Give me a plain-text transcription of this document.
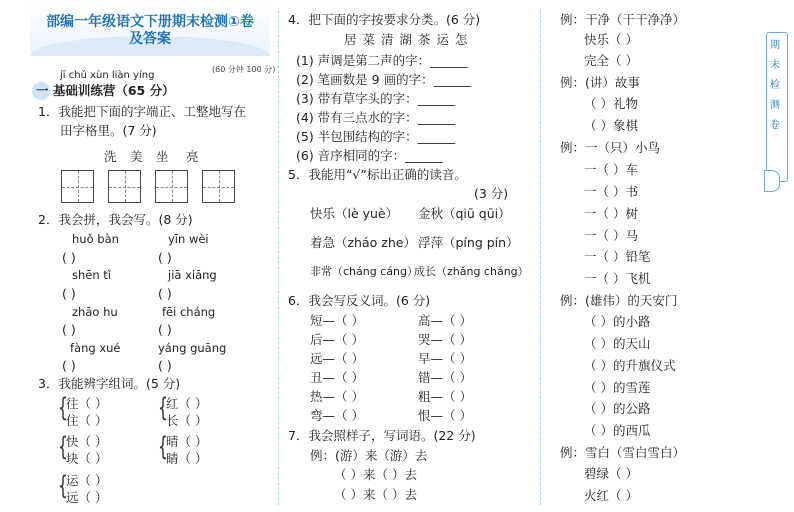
部编一年级语文下册期末检测①卷
及答案
(60 分钟 100 分)
jī chǔ xùn liàn yíng
一 基础训练营（65 分）
1．我能把下面的字端正、工整地写在
田字格里。(7 分)
洗 美 坐 亮
2．我会拼，我会写。(8 分)
huǒ bàn	yīn wèi
( )	( )
shēn tǐ	jiā xiāng
( )	( )
zhāo hu	fēi cháng
( )	( )
fàng xué	yáng guāng
( )	( )
3．我能辨字组词。(5 分)
{	{
往（ ）
住（ ）
红（ ）
长（ ）
{	{
快（ ）
块（ ）
晴（ ）
睛（ ）
{
运（ ）
远（ ）
4．把下面的字按要求分类。(6 分)
居 菜 清 湖 茶 运 怎
(1) 声调是第二声的字：______
(2) 笔画数是 9 画的字：______
(3) 带有草字头的字：______
(4) 带有三点水的字：______
(5) 半包围结构的字：______
(6) 音序相同的字：______
5．我能用“√”标出正确的读音。
(3 分)
快乐（lè yuè） 金秋（qiū qūi）
着急（zháo zhe） 浮萍（píng pín）
非常（cháng cáng）
成长（zhǎng cháng）
6．我会写反义词。(6 分)
短—（ ）	高—（ ）
后—（ ）	哭—（ ）
远—（ ）	早—（ ）
丑—（ ）	错—（ ）
热—（ ）	粗—（ ）
弯—（ ）	恨—（ ）
7．我会照样子，写词语。(22 分)
例：(游）来（游）去
（ ）来（ ）去
（ ）来（ ）去
例：干净（干干净净）
快乐（ ）
完全（ ）
例：(讲）故事
（ ）礼物
（ ）象棋
例：一（只）小鸟
一（ ）车
一（ ）书
一（ ）树
一（ ）马
一（ ）铅笔
一（ ）飞机
例：(雄伟）的天安门
（ ）的小路
（ ）的天山
（ ）的升旗仪式
（ ）的雪莲
（ ）的公路
（ ）的西瓜
例：雪白（雪白雪白）
碧绿（ ）
火红（ ）
期
末
检
测
卷
